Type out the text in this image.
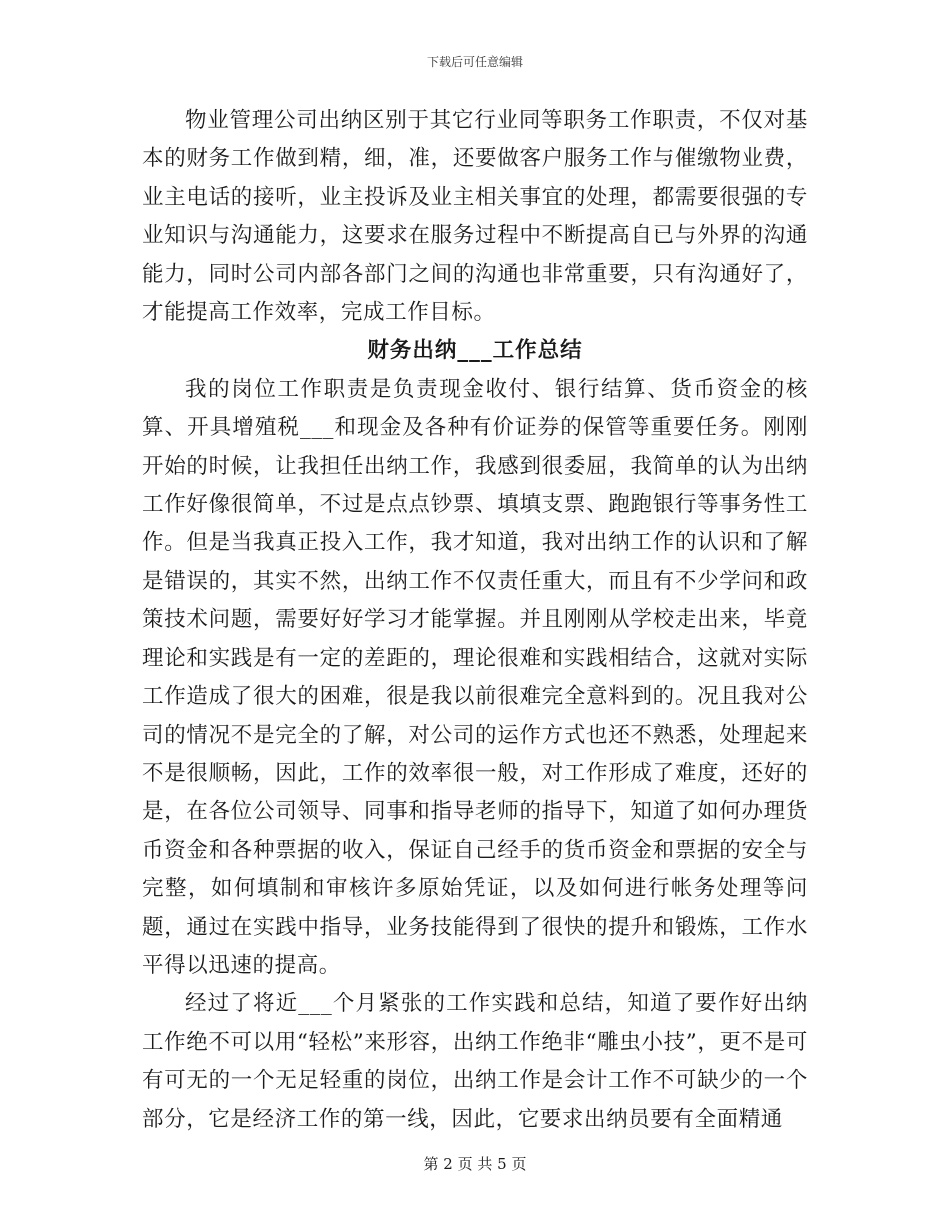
下载后可任意编辑

物业管理公司出纳区别于其它行业同等职务工作职责，不仅对基本的财务工作做到精，细，准，还要做客户服务工作与催缴物业费，业主电话的接听，业主投诉及业主相关事宜的处理，都需要很强的专业知识与沟通能力，这要求在服务过程中不断提高自已与外界的沟通能力，同时公司内部各部门之间的沟通也非常重要，只有沟通好了，才能提高工作效率，完成工作目标。

财务出纳___工作总结

我的岗位工作职责是负责现金收付、银行结算、货币资金的核算、开具增殖税___和现金及各种有价证券的保管等重要任务。刚刚开始的时候，让我担任出纳工作，我感到很委屈，我简单的认为出纳工作好像很简单，不过是点点钞票、填填支票、跑跑银行等事务性工作。但是当我真正投入工作，我才知道，我对出纳工作的认识和了解是错误的，其实不然，出纳工作不仅责任重大，而且有不少学问和政策技术问题，需要好好学习才能掌握。并且刚刚从学校走出来，毕竟理论和实践是有一定的差距的，理论很难和实践相结合，这就对实际工作造成了很大的困难，很是我以前很难完全意料到的。况且我对公司的情况不是完全的了解，对公司的运作方式也还不熟悉，处理起来不是很顺畅，因此，工作的效率很一般，对工作形成了难度，还好的是，在各位公司领导、同事和指导老师的指导下，知道了如何办理货币资金和各种票据的收入，保证自己经手的货币资金和票据的安全与完整，如何填制和审核许多原始凭证，以及如何进行帐务处理等问题，通过在实践中指导，业务技能得到了很快的提升和锻炼，工作水平得以迅速的提高。

经过了将近___个月紧张的工作实践和总结，知道了要作好出纳工作绝不可以用“轻松”来形容，出纳工作绝非“雕虫小技”，更不是可有可无的一个无足轻重的岗位，出纳工作是会计工作不可缺少的一个部分，它是经济工作的第一线，因此，它要求出纳员要有全面精通

第 2 页 共 5 页
